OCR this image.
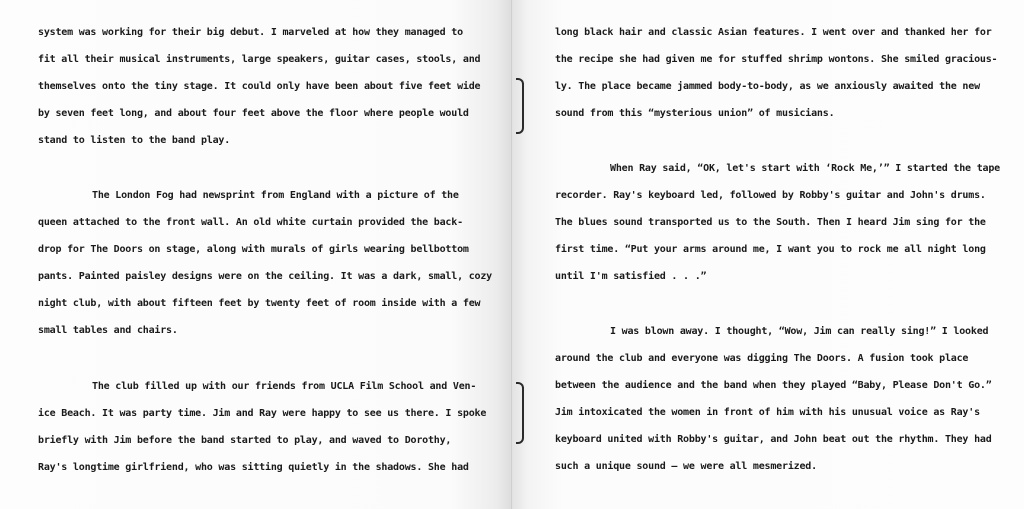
system was working for their big debut. I marveled at how they managed to

fit all their musical instruments, large speakers, guitar cases, stools, and

themselves onto the tiny stage. It could only have been about five feet wide

by seven feet long, and about four feet above the floor where people would

stand to listen to the band play.

The London Fog had newsprint from England with a picture of the

queen attached to the front wall. An old white curtain provided the back-

drop for The Doors on stage, along with murals of girls wearing bellbottom

pants. Painted paisley designs were on the ceiling. It was a dark, small, cozy

night club, with about fifteen feet by twenty feet of room inside with a few

small tables and chairs.

The club filled up with our friends from UCLA Film School and Ven-

ice Beach. It was party time. Jim and Ray were happy to see us there. I spoke

briefly with Jim before the band started to play, and waved to Dorothy,

Ray's longtime girlfriend, who was sitting quietly in the shadows. She had

long black hair and classic Asian features. I went over and thanked her for

the recipe she had given me for stuffed shrimp wontons. She smiled gracious-

ly. The place became jammed body-to-body, as we anxiously awaited the new

sound from this “mysterious union” of musicians.

When Ray said, “OK, let's start with ‘Rock Me,’” I started the tape

recorder. Ray's keyboard led, followed by Robby's guitar and John's drums.

The blues sound transported us to the South. Then I heard Jim sing for the

first time. “Put your arms around me, I want you to rock me all night long

until I'm satisfied . . .”

I was blown away. I thought, “Wow, Jim can really sing!” I looked

around the club and everyone was digging The Doors. A fusion took place

between the audience and the band when they played “Baby, Please Don't Go.”

Jim intoxicated the women in front of him with his unusual voice as Ray's

keyboard united with Robby's guitar, and John beat out the rhythm. They had

such a unique sound – we were all mesmerized.
